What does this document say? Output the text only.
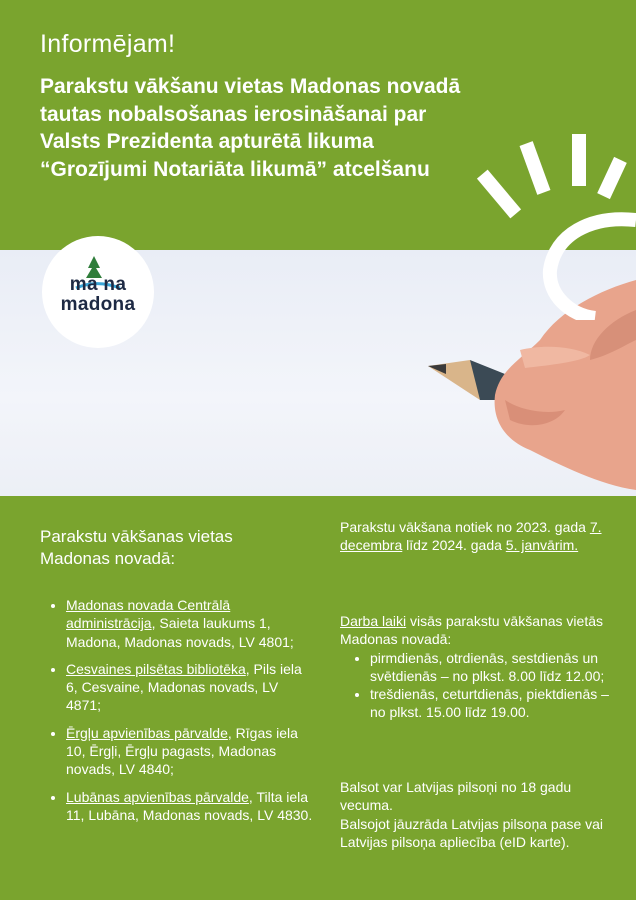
Informējam!
Parakstu vākšanu vietas Madonas novadā tautas nobalsošanas ierosināšanai par Valsts Prezidenta apturētā likuma “Grozījumi Notariāta likumā” atcelšanu
ma na
madona
Parakstu vākšanas vietas Madonas novadā:
• Madonas novada Centrālā administrācija, Saieta laukums 1, Madona, Madonas novads, LV 4801;
• Cesvaines pilsētas bibliotēka, Pils iela 6, Cesvaine, Madonas novads, LV 4871;
• Ērgļu apvienības pārvalde, Rīgas iela 10, Ērgļi, Ērgļu pagasts, Madonas novads, LV 4840;
• Lubānas apvienības pārvalde, Tilta iela 11, Lubāna, Madonas novads, LV 4830.
Parakstu vākšana notiek no 2023. gada 7. decembra līdz 2024. gada 5. janvārim.
Darba laiki visās parakstu vākšanas vietās Madonas novadā:
• pirmdienās, otrdienās, sestdienās un svētdienās – no plkst. 8.00 līdz 12.00;
• trešdienās, ceturtdienās, piektdienās – no plkst. 15.00 līdz 19.00.
Balsot var Latvijas pilsoņi no 18 gadu vecuma.
Balsojot jāuzrāda Latvijas pilsoņa pase vai Latvijas pilsoņa apliecība (eID karte).
